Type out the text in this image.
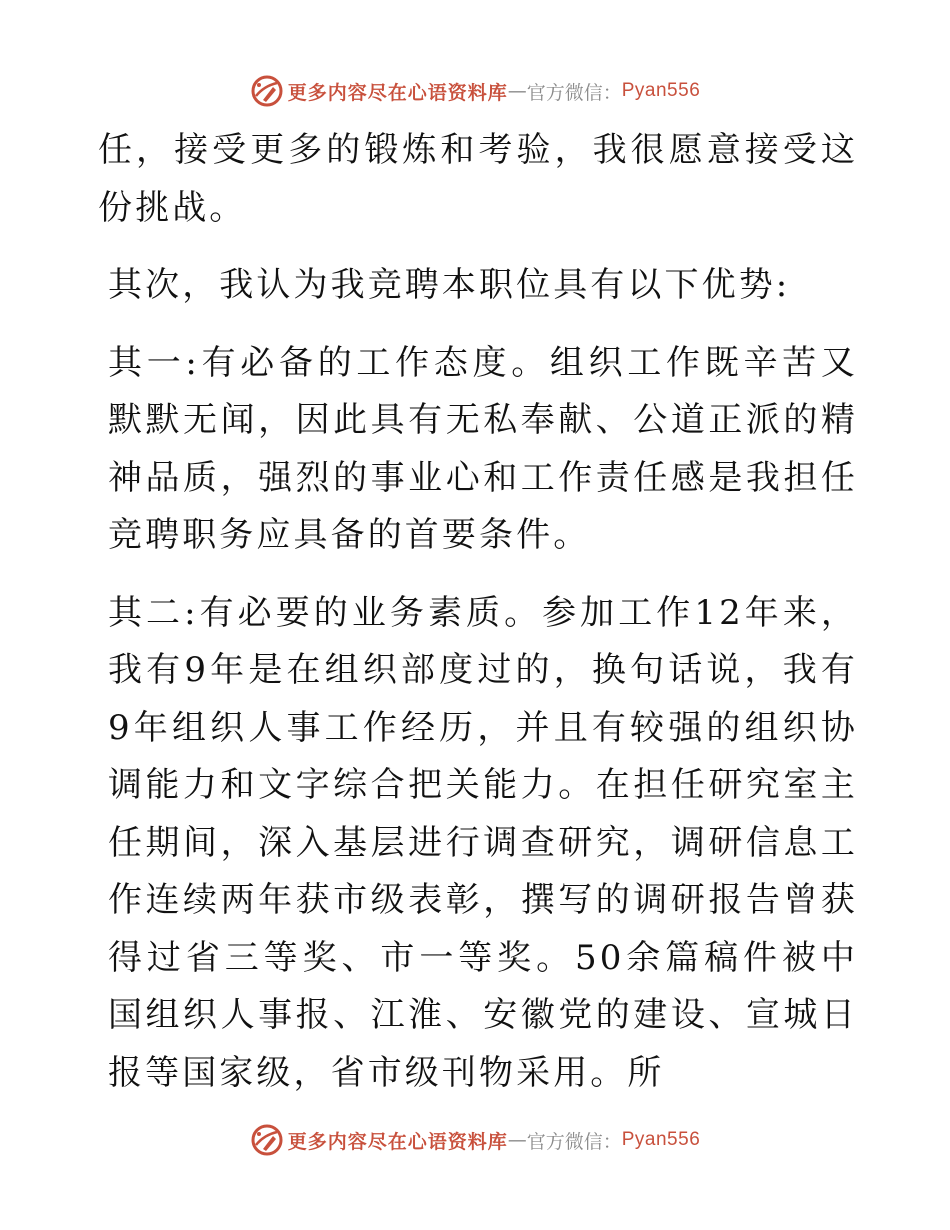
更多内容尽在心语资料库 — 官方微信： Pyan556

任，接受更多的锻炼和考验，我很愿意接受这份挑战。

其次，我认为我竞聘本职位具有以下优势:

其一:有必备的工作态度。组织工作既辛苦又默默无闻，因此具有无私奉献、公道正派的精神品质，强烈的事业心和工作责任感是我担任竞聘职务应具备的首要条件。

其二:有必要的业务素质。参加工作12年来，我有9年是在组织部度过的，换句话说，我有9年组织人事工作经历，并且有较强的组织协调能力和文字综合把关能力。在担任研究室主任期间，深入基层进行调查研究，调研信息工作连续两年获市级表彰，撰写的调研报告曾获得过省三等奖、市一等奖。50余篇稿件被中国组织人事报、江淮、安徽党的建设、宣城日报等国家级，省市级刊物采用。所

更多内容尽在心语资料库 — 官方微信： Pyan556
